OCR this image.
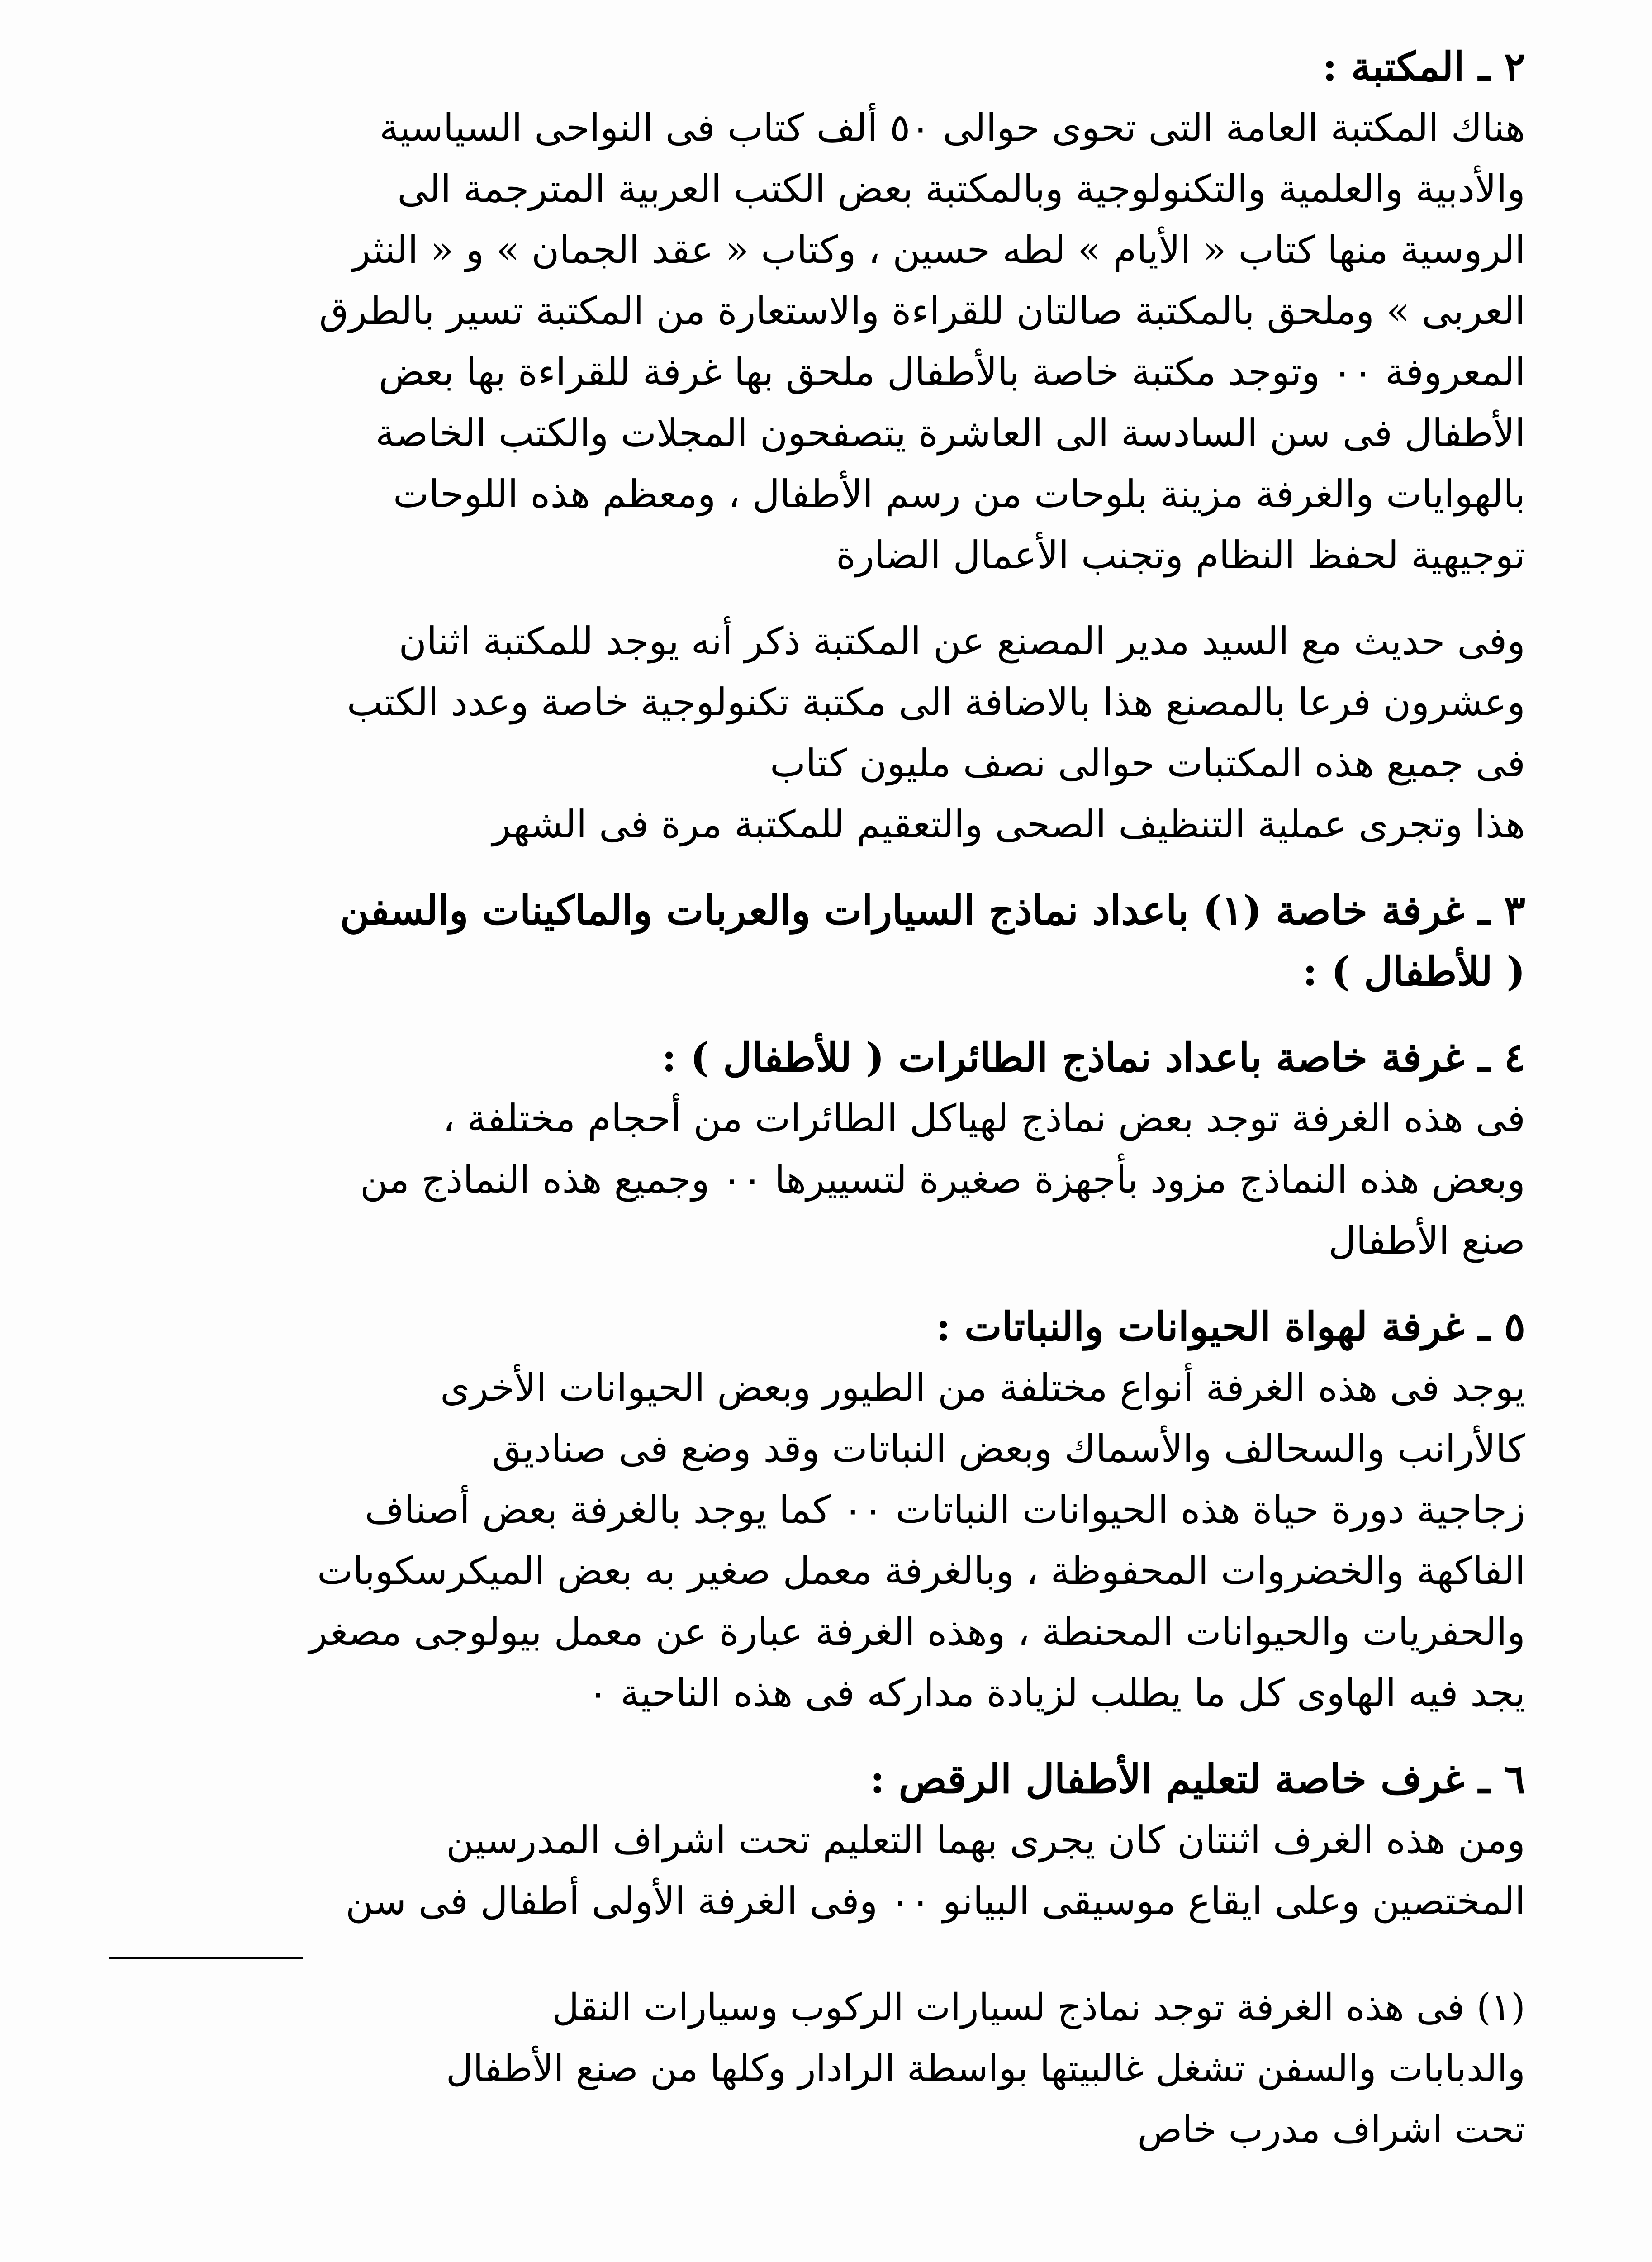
٢ ـ المكتبة :
هناك المكتبة العامة التى تحوى حوالى ٥٠ ألف كتاب فى النواحى السياسية
والأدبية والعلمية والتكنولوجية وبالمكتبة بعض الكتب العربية المترجمة الى
الروسية منها كتاب « الأيام » لطه حسين ، وكتاب « عقد الجمان » و « النثر
العربى » وملحق بالمكتبة صالتان للقراءة والاستعارة من المكتبة تسير بالطرق
المعروفة ٠٠ وتوجد مكتبة خاصة بالأطفال ملحق بها غرفة للقراءة بها بعض
الأطفال فى سن السادسة الى العاشرة يتصفحون المجلات والكتب الخاصة
بالهوايات والغرفة مزينة بلوحات من رسم الأطفال ، ومعظم هذه اللوحات
توجيهية لحفظ النظام وتجنب الأعمال الضارة
وفى حديث مع السيد مدير المصنع عن المكتبة ذكر أنه يوجد للمكتبة اثنان
وعشرون فرعا بالمصنع هذا بالاضافة الى مكتبة تكنولوجية خاصة وعدد الكتب
فى جميع هذه المكتبات حوالى نصف مليون كتاب
هذا وتجرى عملية التنظيف الصحى والتعقيم للمكتبة مرة فى الشهر
٣ ـ غرفة خاصة (١) باعداد نماذج السيارات والعربات والماكينات والسفن
( للأطفال ) :
٤ ـ غرفة خاصة باعداد نماذج الطائرات ( للأطفال ) :
فى هذه الغرفة توجد بعض نماذج لهياكل الطائرات من أحجام مختلفة ،
وبعض هذه النماذج مزود بأجهزة صغيرة لتسييرها ٠٠ وجميع هذه النماذج من
صنع الأطفال
٥ ـ غرفة لهواة الحيوانات والنباتات :
يوجد فى هذه الغرفة أنواع مختلفة من الطيور وبعض الحيوانات الأخرى
كالأرانب والسحالف والأسماك وبعض النباتات وقد وضع فى صناديق
زجاجية دورة حياة هذه الحيوانات النباتات ٠٠ كما يوجد بالغرفة بعض أصناف
الفاكهة والخضروات المحفوظة ، وبالغرفة معمل صغير به بعض الميكرسكوبات
والحفريات والحيوانات المحنطة ، وهذه الغرفة عبارة عن معمل بيولوجى مصغر
يجد فيه الهاوى كل ما يطلب لزيادة مداركه فى هذه الناحية ٠
٦ ـ غرف خاصة لتعليم الأطفال الرقص :
ومن هذه الغرف اثنتان كان يجرى بهما التعليم تحت اشراف المدرسين
المختصين وعلى ايقاع موسيقى البيانو ٠٠ وفى الغرفة الأولى أطفال فى سن
(١) فى هذه الغرفة توجد نماذج لسيارات الركوب وسيارات النقل
والدبابات والسفن تشغل غالبيتها بواسطة الرادار وكلها من صنع الأطفال
تحت اشراف مدرب خاص
